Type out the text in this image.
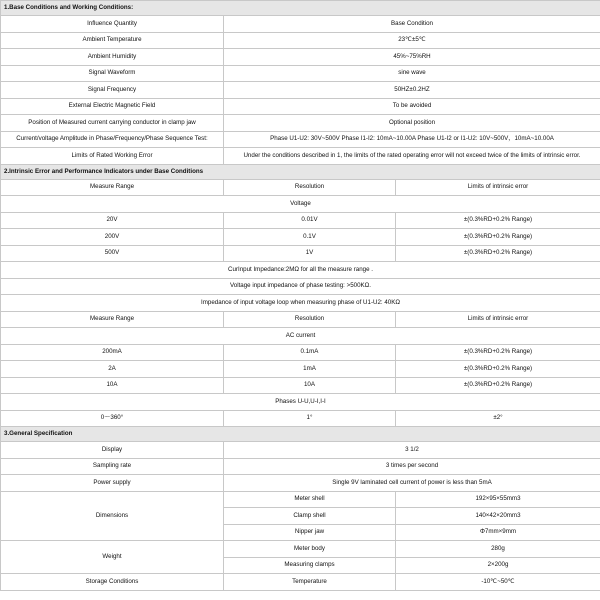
1.Base Conditions and Working Conditions:		
Influence Quantity	Base Condition	
Ambient Temperature	23℃±5℃	
Ambient Humidity	45%~75%RH	
Signal Waveform	sine wave	
Signal Frequency	50HZ±0.2HZ	
External Electric Magnetic Field	To be avoided	
Position of Measured current carrying conductor in clamp jaw	Optional position	
Current/voltage Amplitude in Phase/Frequency/Phase Sequence Test:	Phase U1-U2: 30V~500V Phase I1-I2: 10mA~10.00A Phase U1-I2 or I1-U2: 10V~500V，10mA~10.00A	
Limits of Rated Working Error	Under the conditions described in 1, the limits of the rated operating error will not exceed twice of the limits of intrinsic error.	
2.Intrinsic Error and Performance Indicators under Base Conditions		
Measure Range	Resolution	Limits of intrinsic error
Voltage		
20V	0.01V	±(0.3%RD+0.2% Range)
200V	0.1V	±(0.3%RD+0.2% Range)
500V	1V	±(0.3%RD+0.2% Range)
CurInput Impedance:2MΩ for all the measure range .		
Voltage input impedance of phase testing: >500KΩ.		
Impedance of input voltage loop when measuring phase of U1-U2: 40KΩ		
Measure Range	Resolution	Limits of intrinsic error
AC current		
200mA	0.1mA	±(0.3%RD+0.2% Range)
2A	1mA	±(0.3%RD+0.2% Range)
10A	10A	±(0.3%RD+0.2% Range)
Phases U-U,U-I,I-I		
0～360°	1°	±2°
3.General Specification		
Display	3 1/2	
Sampling rate	3 times per second	
Power supply	Single 9V laminated cell current of power is less than 5mA	
Dimensions	Meter shell	192×95×55mm3
	Clamp shell	140×42×20mm3
	Nipper jaw	Φ7mm×9mm
Weight	Meter body	280g
	Measuring clamps	2×200g
Storage Conditions	Temperature	-10℃~50℃
